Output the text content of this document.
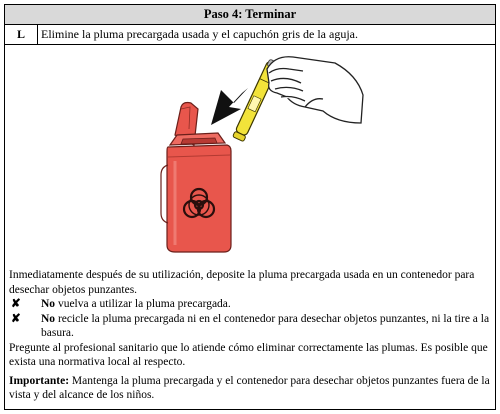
Paso 4: Terminar
L	Elimine la pluma precargada usada y el capuchón gris de la aguja.

Inmediatamente después de su utilización, deposite la pluma precargada usada en un contenedor para desechar objetos punzantes.

✘	No vuelva a utilizar la pluma precargada.
✘	No recicle la pluma precargada ni en el contenedor para desechar objetos punzantes, ni la tire a la basura.

Pregunte al profesional sanitario que lo atiende cómo eliminar correctamente las plumas. Es posible que exista una normativa local al respecto.

Importante: Mantenga la pluma precargada y el contenedor para desechar objetos punzantes fuera de la vista y del alcance de los niños.
